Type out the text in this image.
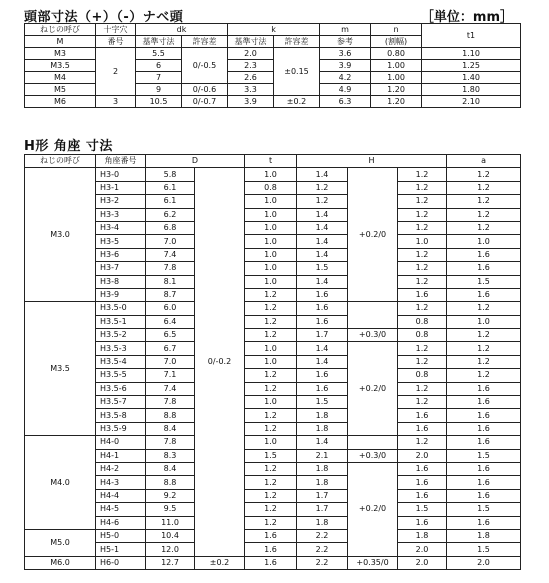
頭部寸法（+）（-）ナベ頭	［単位：mm］
ねじの呼び	十字穴	dk		k		m	n	t1
M	番号	基準寸法	許容差	基準寸法	許容差	参考	(割幅)	
M3	2	5.5	0/-0.5	2.0	±0.15	3.6	0.80	1.10
M3.5		6		2.3		3.9	1.00	1.25
M4		7		2.6		4.2	1.00	1.40
M5		9	0/-0.6	3.3		4.9	1.20	1.80
M6	3	10.5	0/-0.7	3.9	±0.2	6.3	1.20	2.10
H形 角座 寸法
ねじの呼び	角座番号	D		t	H			a	
M3.0	H3-0	5.8	0/-0.2	1.0	1.4	+0.2/0	1.2	1.2	
	H3-1	6.1		0.8	1.2		1.2	1.2	
	H3-2	6.1		1.0	1.2		1.2	1.2	
	H3-3	6.2		1.0	1.4		1.2	1.2	
	H3-4	6.8		1.0	1.4		1.2	1.2	
	H3-5	7.0		1.0	1.4		1.0	1.0	
	H3-6	7.4		1.0	1.4		1.2	1.6	
	H3-7	7.8		1.0	1.5		1.2	1.6	
	H3-8	8.1		1.0	1.4		1.2	1.5	
	H3-9	8.7		1.2	1.6		1.6	1.6	
M3.5	H3.5-0	6.0		1.2	1.6		1.2	1.2	
	H3.5-1	6.4		1.2	1.6		0.8	1.0	
	H3.5-2	6.5		1.2	1.7	+0.3/0	0.8	1.2	
	H3.5-3	6.7		1.0	1.4	+0.2/0	1.2	1.2	
	H3.5-4	7.0		1.0	1.4		1.2	1.2	
	H3.5-5	7.1		1.2	1.6		0.8	1.2	
	H3.5-6	7.4		1.2	1.6		1.2	1.6	
	H3.5-7	7.8		1.0	1.5		1.2	1.6	
	H3.5-8	8.8		1.2	1.8		1.6	1.6	
	H3.5-9	8.4		1.2	1.8		1.6	1.6	
M4.0	H4-0	7.8		1.0	1.4		1.2	1.6	
	H4-1	8.3		1.5	2.1	+0.3/0	2.0	1.5	
	H4-2	8.4		1.2	1.8	+0.2/0	1.6	1.6	
	H4-3	8.8		1.2	1.8		1.6	1.6	
	H4-4	9.2		1.2	1.7		1.6	1.6	
	H4-5	9.5		1.2	1.7		1.5	1.5	
	H4-6	11.0		1.2	1.8		1.6	1.6	
M5.0	H5-0	10.4		1.6	2.2		1.8	1.8	
	H5-1	12.0		1.6	2.2		2.0	1.5	
M6.0	H6-0	12.7	±0.2	1.6	2.2	+0.35/0	2.0	2.0	
